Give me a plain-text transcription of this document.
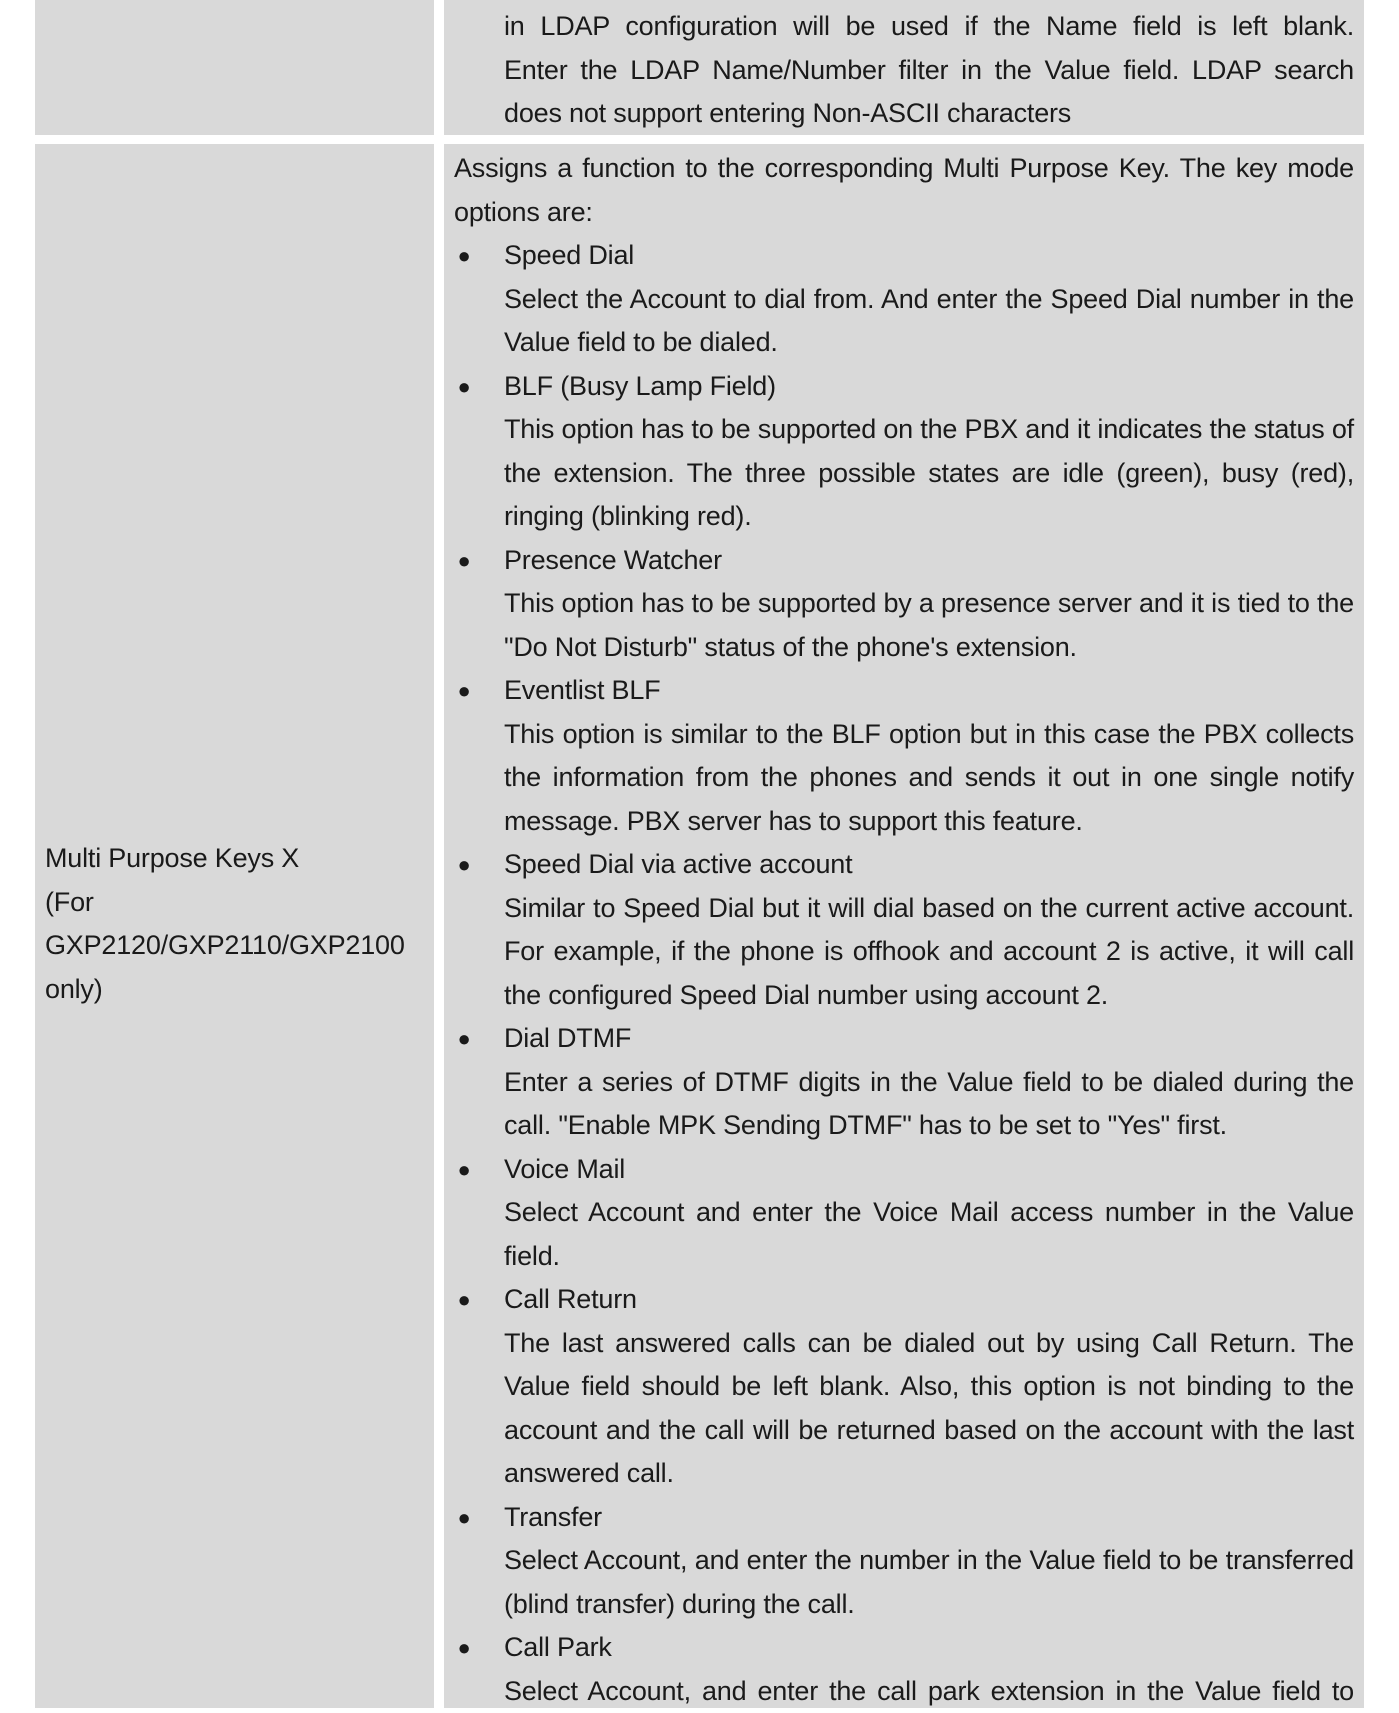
in LDAP configuration will be used if the Name field is left blank.
Enter the LDAP Name/Number filter in the Value field. LDAP search
does not support entering Non-ASCII characters
Multi Purpose Keys X
(For
GXP2120/GXP2110/GXP2100
only)

Assigns a function to the corresponding Multi Purpose Key. The key mode options are:

● Speed Dial
Select the Account to dial from. And enter the Speed Dial number in the Value field to be dialed.
● BLF (Busy Lamp Field)
This option has to be supported on the PBX and it indicates the status of the extension. The three possible states are idle (green), busy (red), ringing (blinking red).
● Presence Watcher
This option has to be supported by a presence server and it is tied to the "Do Not Disturb" status of the phone's extension.
● Eventlist BLF
This option is similar to the BLF option but in this case the PBX collects the information from the phones and sends it out in one single notify message. PBX server has to support this feature.
● Speed Dial via active account
Similar to Speed Dial but it will dial based on the current active account. For example, if the phone is offhook and account 2 is active, it will call the configured Speed Dial number using account 2.
● Dial DTMF
Enter a series of DTMF digits in the Value field to be dialed during the call. "Enable MPK Sending DTMF" has to be set to "Yes" first.
● Voice Mail
Select Account and enter the Voice Mail access number in the Value field.
● Call Return
The last answered calls can be dialed out by using Call Return. The Value field should be left blank. Also, this option is not binding to the account and the call will be returned based on the account with the last answered call.
● Transfer
Select Account, and enter the number in the Value field to be transferred (blind transfer) during the call.
● Call Park
Select Account, and enter the call park extension in the Value field to
